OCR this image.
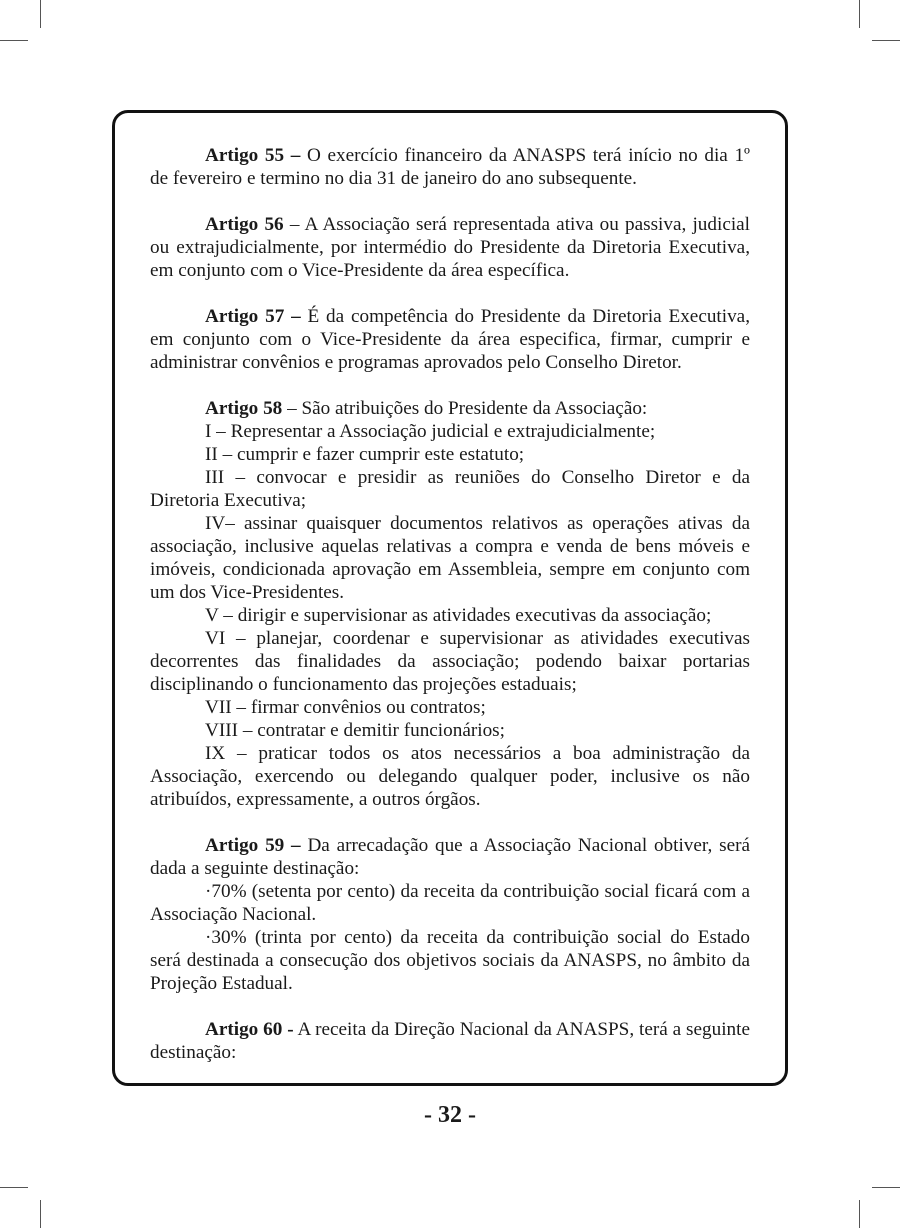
Artigo 55 – O exercício financeiro da ANASPS terá início no dia 1º de fevereiro e termino no dia 31 de janeiro do ano subsequente.

Artigo 56 – A Associação será representada ativa ou passiva, judicial ou extrajudicialmente, por intermédio do Presidente da Diretoria Executiva, em conjunto com o Vice-Presidente da área específica.

Artigo 57 – É da competência do Presidente da Diretoria Executiva, em conjunto com o Vice-Presidente da área especifica, firmar, cumprir e administrar convênios e programas aprovados pelo Conselho Diretor.

Artigo 58 – São atribuições do Presidente da Associação:

I – Representar a Associação judicial e extrajudicialmente;

II – cumprir e fazer cumprir este estatuto;

III – convocar e presidir as reuniões do Conselho Diretor e da Diretoria Executiva;

IV– assinar quaisquer documentos relativos as operações ativas da associação, inclusive aquelas relativas a compra e venda de bens móveis e imóveis, condicionada aprovação em Assembleia, sempre em conjunto com um dos Vice-Presidentes.

V – dirigir e supervisionar as atividades executivas da associação;

VI – planejar, coordenar e supervisionar as atividades executivas decorrentes das finalidades da associação; podendo baixar portarias disciplinando o funcionamento das projeções estaduais;

VII – firmar convênios ou contratos;

VIII – contratar e demitir funcionários;

IX – praticar todos os atos necessários a boa administração da Associação, exercendo ou delegando qualquer poder, inclusive os não atribuídos, expressamente, a outros órgãos.

Artigo 59 – Da arrecadação que a Associação Nacional obtiver, será dada a seguinte destinação:

·70% (setenta por cento) da receita da contribuição social ficará com a Associação Nacional.

·30% (trinta por cento) da receita da contribuição social do Estado será destinada a consecução dos objetivos sociais da ANASPS, no âmbito da Projeção Estadual.

Artigo 60 - A receita da Direção Nacional da ANASPS, terá a seguinte destinação:

- 32 -
